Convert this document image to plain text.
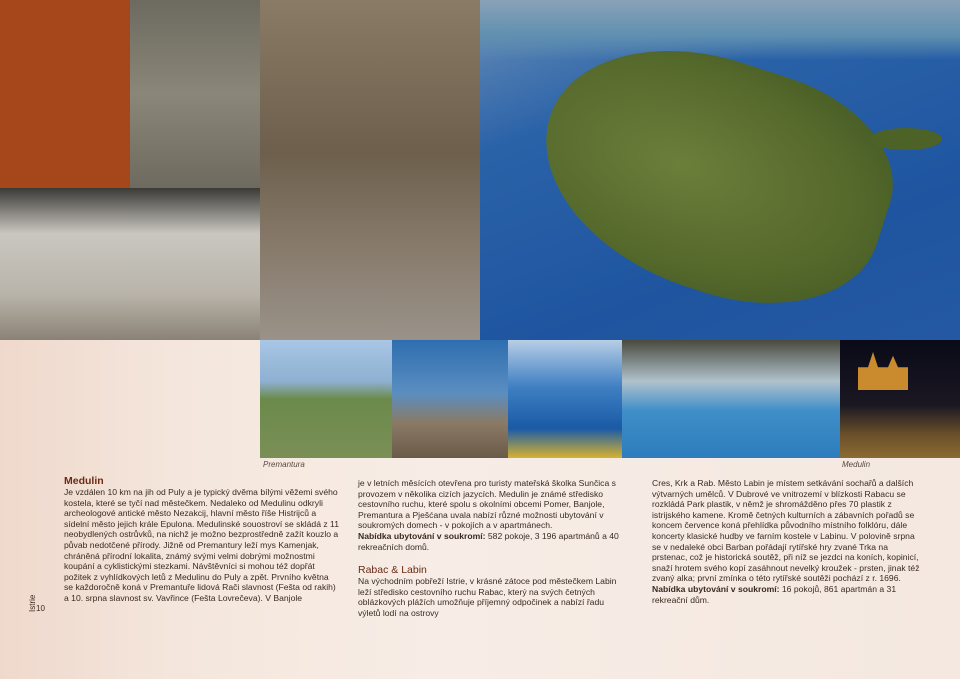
Premantura	Medulin
Istrie 10

Medulin

Je vzdálen 10 km na jih od Puly a je typický dvěma bílými věžemi svého kostela, které se tyčí nad městečkem. Nedaleko od Medulinu odkryli archeologové antické město Nezakcij, hlavní město říše Histrijců a sídelní město jejich krále Epulona. Medulinské souostroví se skládá z 11 neobydlených ostrůvků, na nichž je možno bezprostředně zažít kouzlo a půvab nedotčené přírody. Jižně od Premantury leží mys Kamenjak, chráněná přírodní lokalita, známý svými velmi dobrými možnostmi koupání a cyklistickými stezkami. Návštěvníci si mohou též dopřát požitek z vyhlídkových letů z Medulinu do Puly a zpět. Prvního května se každoročně koná v Premantuře lidová Rači slavnost (Fešta od rakih) a 10. srpna slavnost sv. Vavřince (Fešta Lovrečeva). V Banjole

je v letních měsících otevřena pro turisty mateřská školka Sunčica s provozem v několika cizích jazycích. Medulin je známé středisko cestovního ruchu, které spolu s okolními obcemi Pomer, Banjole, Premantura a Pješćana uvala nabízí různé možnosti ubytování v soukromých domech - v pokojích a v apartmánech.

Nabídka ubytování v soukromí: 582 pokoje, 3 196 apartmánů a 40 rekreačních domů.

Rabac & Labin

Na východním pobřeží Istrie, v krásné zátoce pod městečkem Labin leží středisko cestovního ruchu Rabac, který na svých četných oblázkových plážích umožňuje příjemný odpočinek a nabízí řadu výletů lodí na ostrovy

Cres, Krk a Rab. Město Labin je místem setkávání sochařů a dalších výtvarných umělců. V Dubrové ve vnitrozemí v blízkosti Rabacu se rozkládá Park plastik, v němž je shromážděno přes 70 plastik z istrijského kamene. Kromě četných kulturních a zábavních pořadů se koncem července koná přehlídka původního místního folklóru, dále koncerty klasické hudby ve farním kostele v Labinu. V polovině srpna se v nedaleké obci Barban pořádají rytířské hry zvané Trka na prstenac, což je historická soutěž, při níž se jezdci na koních, kopinicí, snaží hrotem svého kopí zasáhnout nevelký kroužek - prsten, jinak též zvaný alka; první zmínka o této rytířské soutěži pochází z r. 1696.

Nabídka ubytování v soukromí: 16 pokojů, 861 apartmán a 31 rekreační dům.
